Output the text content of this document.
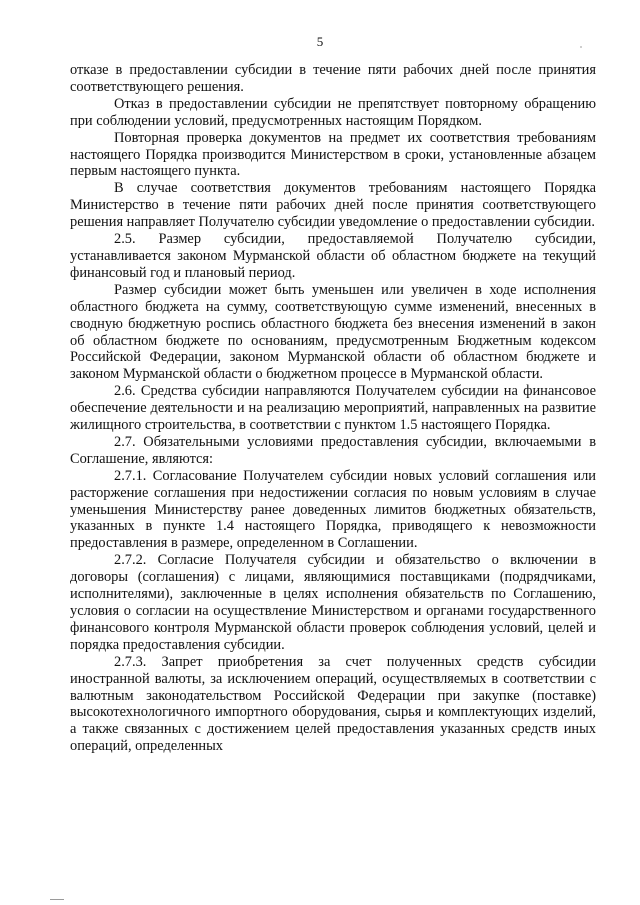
5

отказе в предоставлении субсидии в течение пяти рабочих дней после принятия соответствующего решения.

Отказ в предоставлении субсидии не препятствует повторному обращению при соблюдении условий, предусмотренных настоящим Порядком.

Повторная проверка документов на предмет их соответствия требованиям настоящего Порядка производится Министерством в сроки, установленные абзацем первым настоящего пункта.

В случае соответствия документов требованиям настоящего Порядка Министерство в течение пяти рабочих дней после принятия соответствующего решения направляет Получателю субсидии уведомление о предоставлении субсидии.

2.5. Размер субсидии, предоставляемой Получателю субсидии, устанавливается законом Мурманской области об областном бюджете на текущий финансовый год и плановый период.

Размер субсидии может быть уменьшен или увеличен в ходе исполнения областного бюджета на сумму, соответствующую сумме изменений, внесенных в сводную бюджетную роспись областного бюджета без внесения изменений в закон об областном бюджете по основаниям, предусмотренным Бюджетным кодексом Российской Федерации, законом Мурманской области об областном бюджете и законом Мурманской области о бюджетном процессе в Мурманской области.

2.6. Средства субсидии направляются Получателем субсидии на финансовое обеспечение деятельности и на реализацию мероприятий, направленных на развитие жилищного строительства, в соответствии с пунктом 1.5 настоящего Порядка.

2.7. Обязательными условиями предоставления субсидии, включаемыми в Соглашение, являются:

2.7.1. Согласование Получателем субсидии новых условий соглашения или расторжение соглашения при недостижении согласия по новым условиям в случае уменьшения Министерству ранее доведенных лимитов бюджетных обязательств, указанных в пункте 1.4 настоящего Порядка, приводящего к невозможности предоставления в размере, определенном в Соглашении.

2.7.2. Согласие Получателя субсидии и обязательство о включении в договоры (соглашения) с лицами, являющимися поставщиками (подрядчиками, исполнителями), заключенные в целях исполнения обязательств по Соглашению, условия о согласии на осуществление Министерством и органами государственного финансового контроля Мурманской области проверок соблюдения условий, целей и порядка предоставления субсидии.

2.7.3. Запрет приобретения за счет полученных средств субсидии иностранной валюты, за исключением операций, осуществляемых в соответствии с валютным законодательством Российской Федерации при закупке (поставке) высокотехнологичного импортного оборудования, сырья и комплектующих изделий, а также связанных с достижением целей предоставления указанных средств иных операций, определенных
